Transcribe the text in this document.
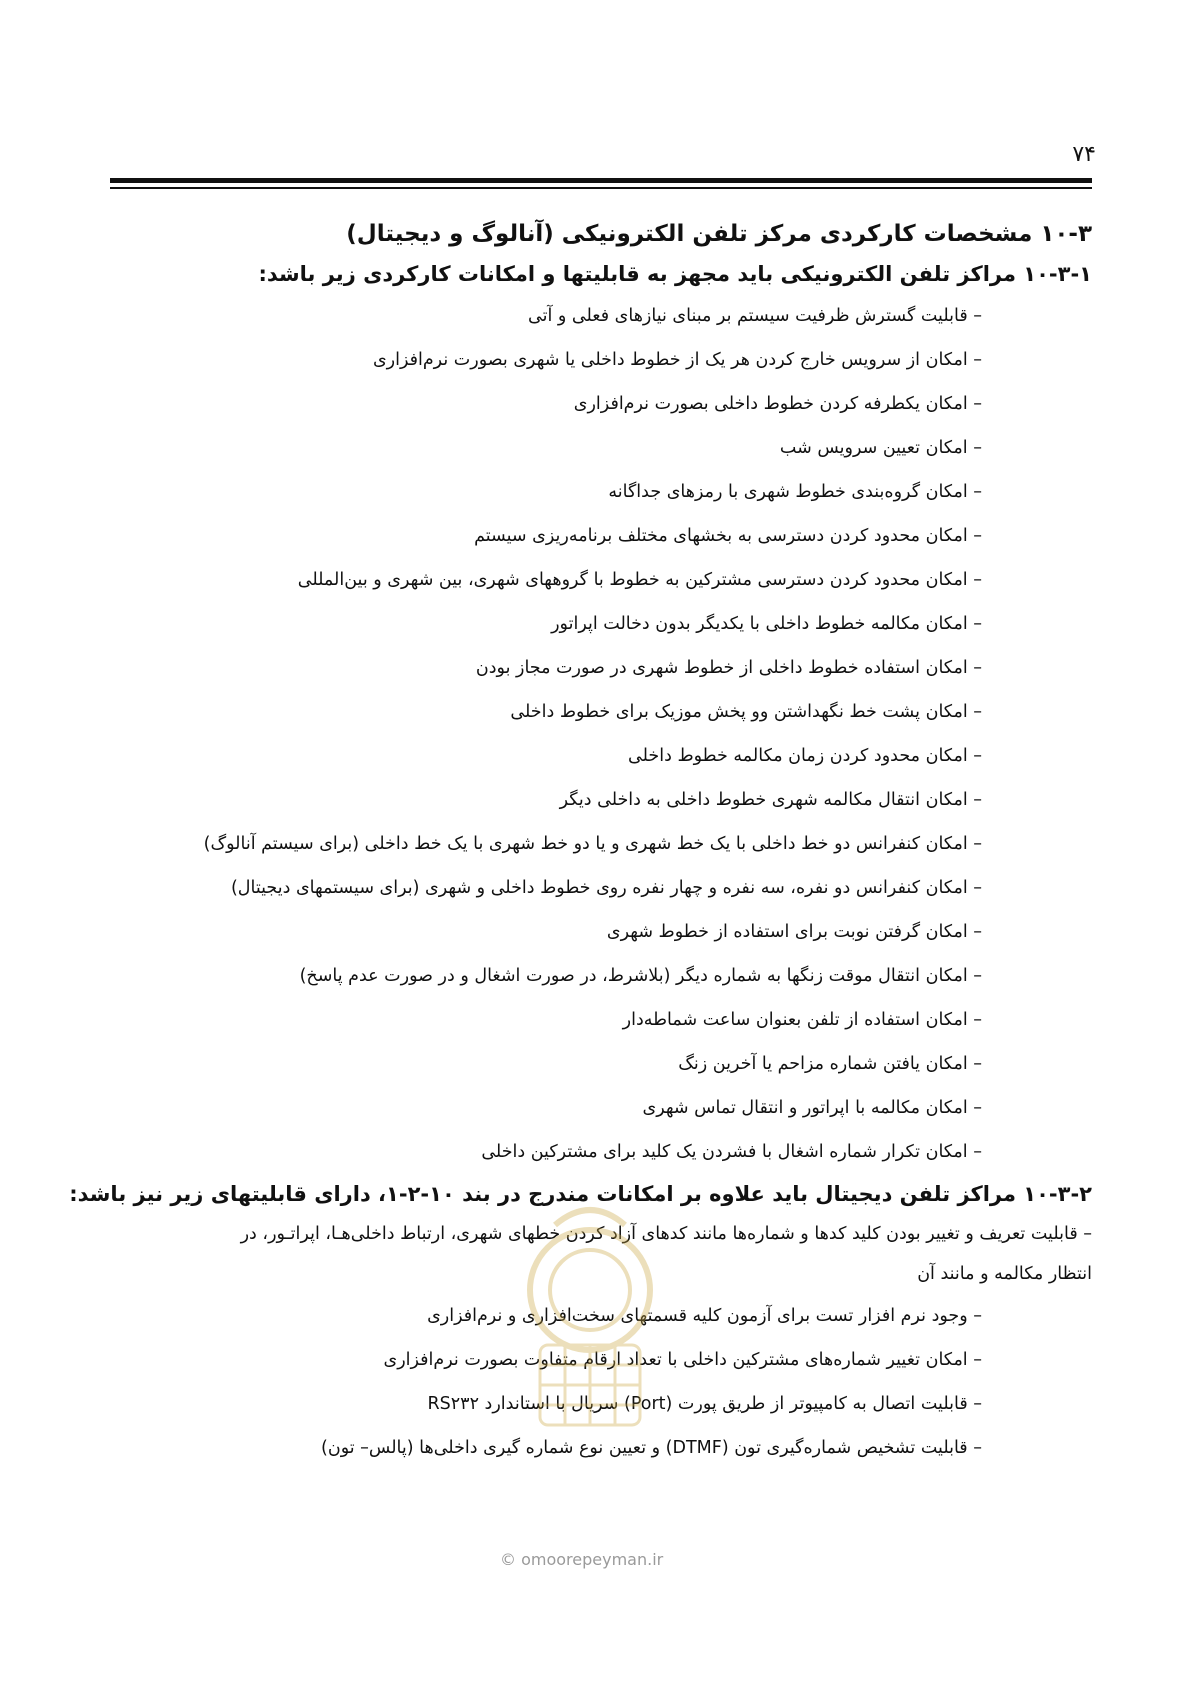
۷۴
۱۰-۳ مشخصات کارکردی مرکز تلفن الکترونیکی (آنالوگ و دیجیتال)
۱۰-۳-۱ مراکز تلفن الکترونیکی باید مجهز به قابلیتها و امکانات کارکردی زیر باشد:
– قابلیت گسترش ظرفیت سیستم بر مبنای نیازهای فعلی و آتی
– امکان از سرویس خارج کردن هر یک از خطوط داخلی یا شهری بصورت نرم‌افزاری
– امکان یکطرفه کردن خطوط داخلی بصورت نرم‌افزاری
– امکان تعیین سرویس شب
– امکان گروه‌بندی خطوط شهری با رمزهای جداگانه
– امکان محدود کردن دسترسی به بخشهای مختلف برنامه‌ریزی سیستم
– امکان محدود کردن دسترسی مشترکین به خطوط با گروههای شهری، بین شهری و بین‌المللی
– امکان مکالمه خطوط داخلی با یکدیگر بدون دخالت اپراتور
– امکان استفاده خطوط داخلی از خطوط شهری در صورت مجاز بودن
– امکان پشت خط نگهداشتن وو پخش موزیک برای خطوط داخلی
– امکان محدود کردن زمان مکالمه خطوط داخلی
– امکان انتقال مکالمه شهری خطوط داخلی به داخلی دیگر
– امکان کنفرانس دو خط داخلی با یک خط شهری و یا دو خط شهری با یک خط داخلی (برای سیستم آنالوگ)
– امکان کنفرانس دو نفره، سه نفره و چهار نفره روی خطوط داخلی و شهری (برای سیستمهای دیجیتال)
– امکان گرفتن نوبت برای استفاده از خطوط شهری
– امکان انتقال موقت زنگها به شماره دیگر (بلاشرط، در صورت اشغال و در صورت عدم پاسخ)
– امکان استفاده از تلفن بعنوان ساعت شماطه‌دار
– امکان یافتن شماره مزاحم یا آخرین زنگ
– امکان مکالمه با اپراتور و انتقال تماس شهری
– امکان تکرار شماره اشغال با فشردن یک کلید برای مشترکین داخلی
۱۰-۳-۲ مراکز تلفن دیجیتال باید علاوه بر امکانات مندرج در بند ۱۰-۲-۱، دارای قابلیتهای زیر نیز باشد:
– قابلیت تعریف و تغییر بودن کلید کدها و شماره‌ها مانند کدهای آزاد کردن خطهای شهری، ارتباط داخلی‌هـا، اپراتـور، در
انتظار مکالمه و مانند آن
– وجود نرم افزار تست برای آزمون کلیه قسمتهای سخت‌افزاری و نرم‌افزاری
– امکان تغییر شماره‌های مشترکین داخلی با تعداد ارقام متفاوت بصورت نرم‌افزاری
– قابلیت اتصال به کامپیوتر از طریق پورت (Port) سریال با استاندارد RS۲۳۲
– قابلیت تشخیص شماره‌گیری تون (DTMF) و تعیین نوع شماره گیری داخلی‌ها (پالس– تون)
© omoorepeyman.ir
